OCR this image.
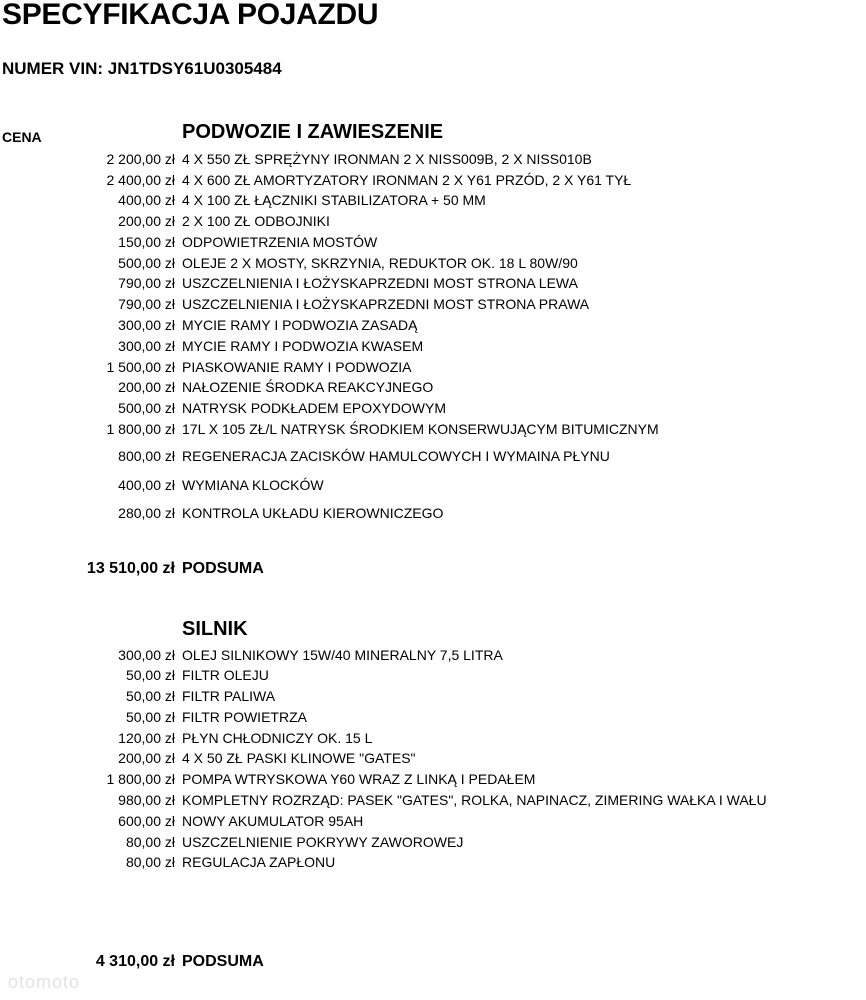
SPECYFIKACJA POJAZDU
NUMER VIN: JN1TDSY61U0305484
CENA	PODWOZIE I ZAWIESZENIE
2 200,00 zł 4 X 550 ZŁ SPRĘŻYNY IRONMAN 2 X NISS009B, 2 X NISS010B
2 400,00 zł 4 X 600 ZŁ AMORTYZATORY IRONMAN 2 X Y61 PRZÓD, 2 X Y61 TYŁ
400,00 zł 4 X 100 ZŁ ŁĄCZNIKI STABILIZATORA + 50 MM
200,00 zł 2 X 100 ZŁ ODBOJNIKI
150,00 zł ODPOWIETRZENIA MOSTÓW
500,00 zł OLEJE 2 X MOSTY, SKRZYNIA, REDUKTOR OK. 18 L 80W/90
790,00 zł USZCZELNIENIA I ŁOŻYSKAPRZEDNI MOST STRONA LEWA
790,00 zł USZCZELNIENIA I ŁOŻYSKAPRZEDNI MOST STRONA PRAWA
300,00 zł MYCIE RAMY I PODWOZIA ZASADĄ
300,00 zł MYCIE RAMY I PODWOZIA KWASEM
1 500,00 zł PIASKOWANIE RAMY I PODWOZIA
200,00 zł NAŁOZENIE ŚRODKA REAKCYJNEGO
500,00 zł NATRYSK PODKŁADEM EPOXYDOWYM
1 800,00 zł 17L X 105 ZŁ/L NATRYSK ŚRODKIEM KONSERWUJĄCYM BITUMICZNYM
800,00 zł REGENERACJA ZACISKÓW HAMULCOWYCH I WYMAINA PŁYNU
400,00 zł WYMIANA KLOCKÓW
280,00 zł KONTROLA UKŁADU KIEROWNICZEGO
13 510,00 zł PODSUMA
SILNIK
300,00 zł OLEJ SILNIKOWY 15W/40 MINERALNY 7,5 LITRA
50,00 zł FILTR OLEJU
50,00 zł FILTR PALIWA
50,00 zł FILTR POWIETRZA
120,00 zł PŁYN CHŁODNICZY OK. 15 L
200,00 zł 4 X 50 ZŁ PASKI KLINOWE "GATES"
1 800,00 zł POMPA WTRYSKOWA Y60 WRAZ Z LINKĄ I PEDAŁEM
980,00 zł KOMPLETNY ROZRZĄD: PASEK "GATES", ROLKA, NAPINACZ, ZIMERING WAŁKA I WAŁU
600,00 zł NOWY AKUMULATOR 95AH
80,00 zł USZCZELNIENIE POKRYWY ZAWOROWEJ
80,00 zł REGULACJA ZAPŁONU
4 310,00 zł PODSUMA
otomoto
